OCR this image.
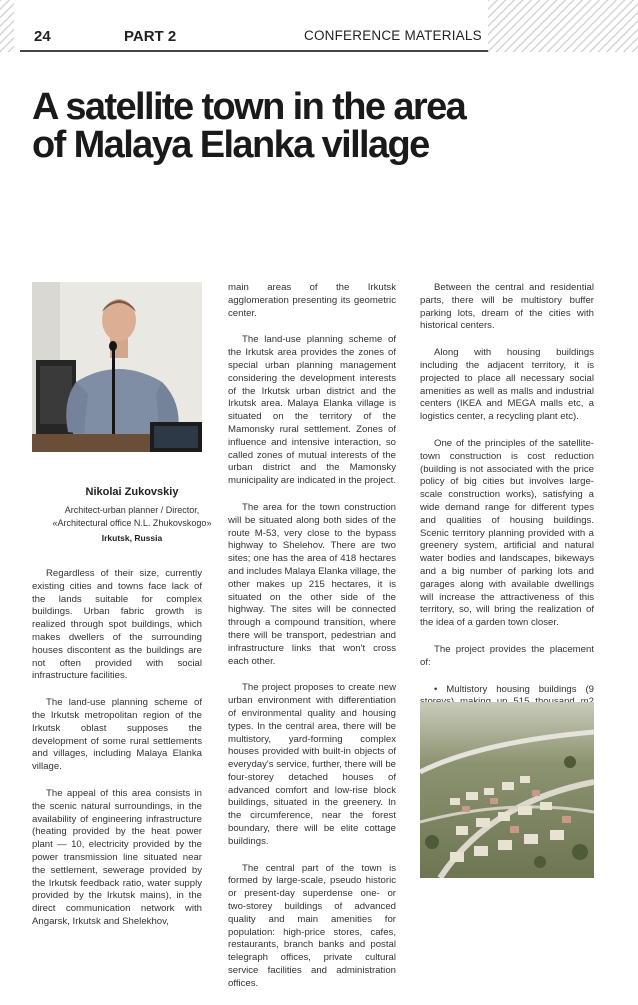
24	PART 2	CONFERENCE MATERIALS
A satellite town in the area
of Malaya Elanka village
Nikolai Zukovskiy
Architect-urban planner / Director,
«Architectural office N.L. Zhukovskogo»
Irkutsk, Russia

Regardless of their size, currently existing cities and towns face lack of the lands suitable for complex buildings. Urban fabric growth is realized through spot buildings, which makes dwellers of the surrounding houses discontent as the buildings are not often provided with social infrastructure facilities.

The land-use planning scheme of the Irkutsk metropolitan region of the Irkutsk oblast supposes the development of some rural settlements and villages, including Malaya Elanka village.

The appeal of this area consists in the scenic natural surroundings, in the availability of engineering infrastructure (heating provided by the heat power plant — 10, electricity provided by the power transmission line situated near the settlement, sewerage provided by the Irkutsk feedback ratio, water supply provided by the Irkutsk mains), in the direct communication network with Angarsk, Irkutsk and Shelekhov,

main areas of the Irkutsk agglomeration presenting its geometric center.

The land-use planning scheme of the Irkutsk area provides the zones of special urban planning management considering the development interests of the Irkutsk urban district and the Irkutsk area. Malaya Elanka village is situated on the territory of the Mamonsky rural settlement. Zones of influence and intensive interaction, so called zones of mutual interests of the urban district and the Mamonsky municipality are indicated in the project.

The area for the town construction will be situated along both sides of the route M-53, very close to the bypass highway to Shelehov. There are two sites; one has the area of 418 hectares and includes Malaya Elanka village, the other makes up 215 hectares, it is situated on the other side of the highway. The sites will be connected through a compound transition, where there will be transport, pedestrian and infrastructure links that won't cross each other.

The project proposes to create new urban environment with differentiation of environmental quality and housing types. In the central area, there will be multistory, yard-forming complex houses provided with built-in objects of everyday's service, further, there will be four-storey detached houses of advanced comfort and low-rise block buildings, situated in the greenery. In the circumference, near the forest boundary, there will be elite cottage buildings.

The central part of the town is formed by large-scale, pseudo historic or present-day superdense one- or two-storey buildings of advanced quality and main amenities for population: high-price stores, cafes, restaurants, branch banks and postal telegraph offices, private cultural service facilities and administration offices.

Between the central and residential parts, there will be multistory buffer parking lots, dream of the cities with historical centers.

Along with housing buildings including the adjacent territory, it is projected to place all necessary social amenities as well as malls and industrial centers (IKEA and MEGA malls etc, a logistics center, a recycling plant etc).

One of the principles of the satellite-town construction is cost reduction (building is not associated with the price policy of big cities but involves large-scale construction works), satisfying a wide demand range for different types and qualities of housing buildings. Scenic territory planning provided with a greenery system, artificial and natural water bodies and landscapes, bikeways and a big number of parking lots and garages along with available dwellings will increase the attractiveness of this territory, so, will bring the realization of the idea of a garden town closer.

The project provides the placement of:

• Multistory housing buildings (9
